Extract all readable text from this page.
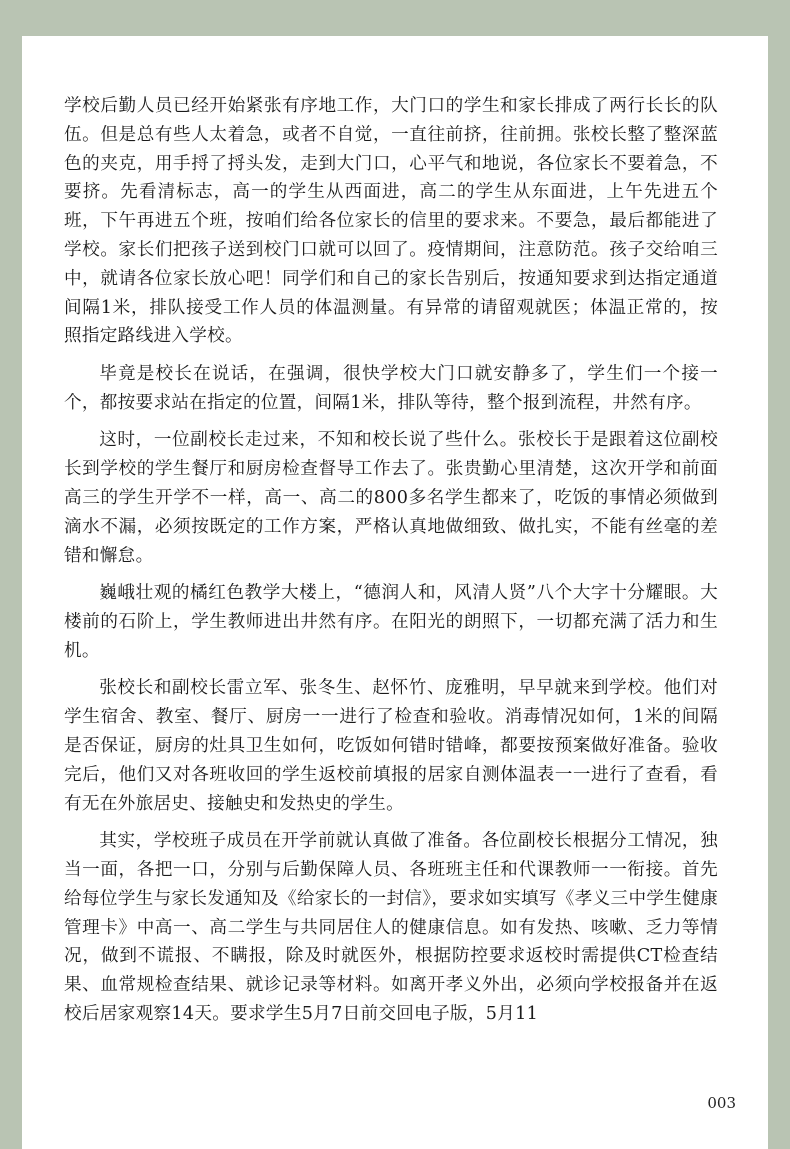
学校后勤人员已经开始紧张有序地工作，大门口的学生和家长排成了两行长长的队伍。但是总有些人太着急，或者不自觉，一直往前挤，往前拥。张校长整了整深蓝色的夹克，用手捋了捋头发，走到大门口，心平气和地说，各位家长不要着急，不要挤。先看清标志，高一的学生从西面进，高二的学生从东面进，上午先进五个班，下午再进五个班，按咱们给各位家长的信里的要求来。不要急，最后都能进了学校。家长们把孩子送到校门口就可以回了。疫情期间，注意防范。孩子交给咱三中，就请各位家长放心吧！同学们和自己的家长告别后，按通知要求到达指定通道间隔1米，排队接受工作人员的体温测量。有异常的请留观就医；体温正常的，按照指定路线进入学校。

毕竟是校长在说话，在强调，很快学校大门口就安静多了，学生们一个接一个，都按要求站在指定的位置，间隔1米，排队等待，整个报到流程，井然有序。

这时，一位副校长走过来，不知和校长说了些什么。张校长于是跟着这位副校长到学校的学生餐厅和厨房检查督导工作去了。张贵勤心里清楚，这次开学和前面高三的学生开学不一样，高一、高二的800多名学生都来了，吃饭的事情必须做到滴水不漏，必须按既定的工作方案，严格认真地做细致、做扎实，不能有丝毫的差错和懈怠。

巍峨壮观的橘红色教学大楼上，“德润人和，风清人贤”八个大字十分耀眼。大楼前的石阶上，学生教师进出井然有序。在阳光的朗照下，一切都充满了活力和生机。

张校长和副校长雷立军、张冬生、赵怀竹、庞雅明，早早就来到学校。他们对学生宿舍、教室、餐厅、厨房一一进行了检查和验收。消毒情况如何，1米的间隔是否保证，厨房的灶具卫生如何，吃饭如何错时错峰，都要按预案做好准备。验收完后，他们又对各班收回的学生返校前填报的居家自测体温表一一进行了查看，看有无在外旅居史、接触史和发热史的学生。

其实，学校班子成员在开学前就认真做了准备。各位副校长根据分工情况，独当一面，各把一口，分别与后勤保障人员、各班班主任和代课教师一一衔接。首先给每位学生与家长发通知及《给家长的一封信》，要求如实填写《孝义三中学生健康管理卡》中高一、高二学生与共同居住人的健康信息。如有发热、咳嗽、乏力等情况，做到不谎报、不瞒报，除及时就医外，根据防控要求返校时需提供CT检查结果、血常规检查结果、就诊记录等材料。如离开孝义外出，必须向学校报备并在返校后居家观察14天。要求学生5月7日前交回电子版，5月11

003
